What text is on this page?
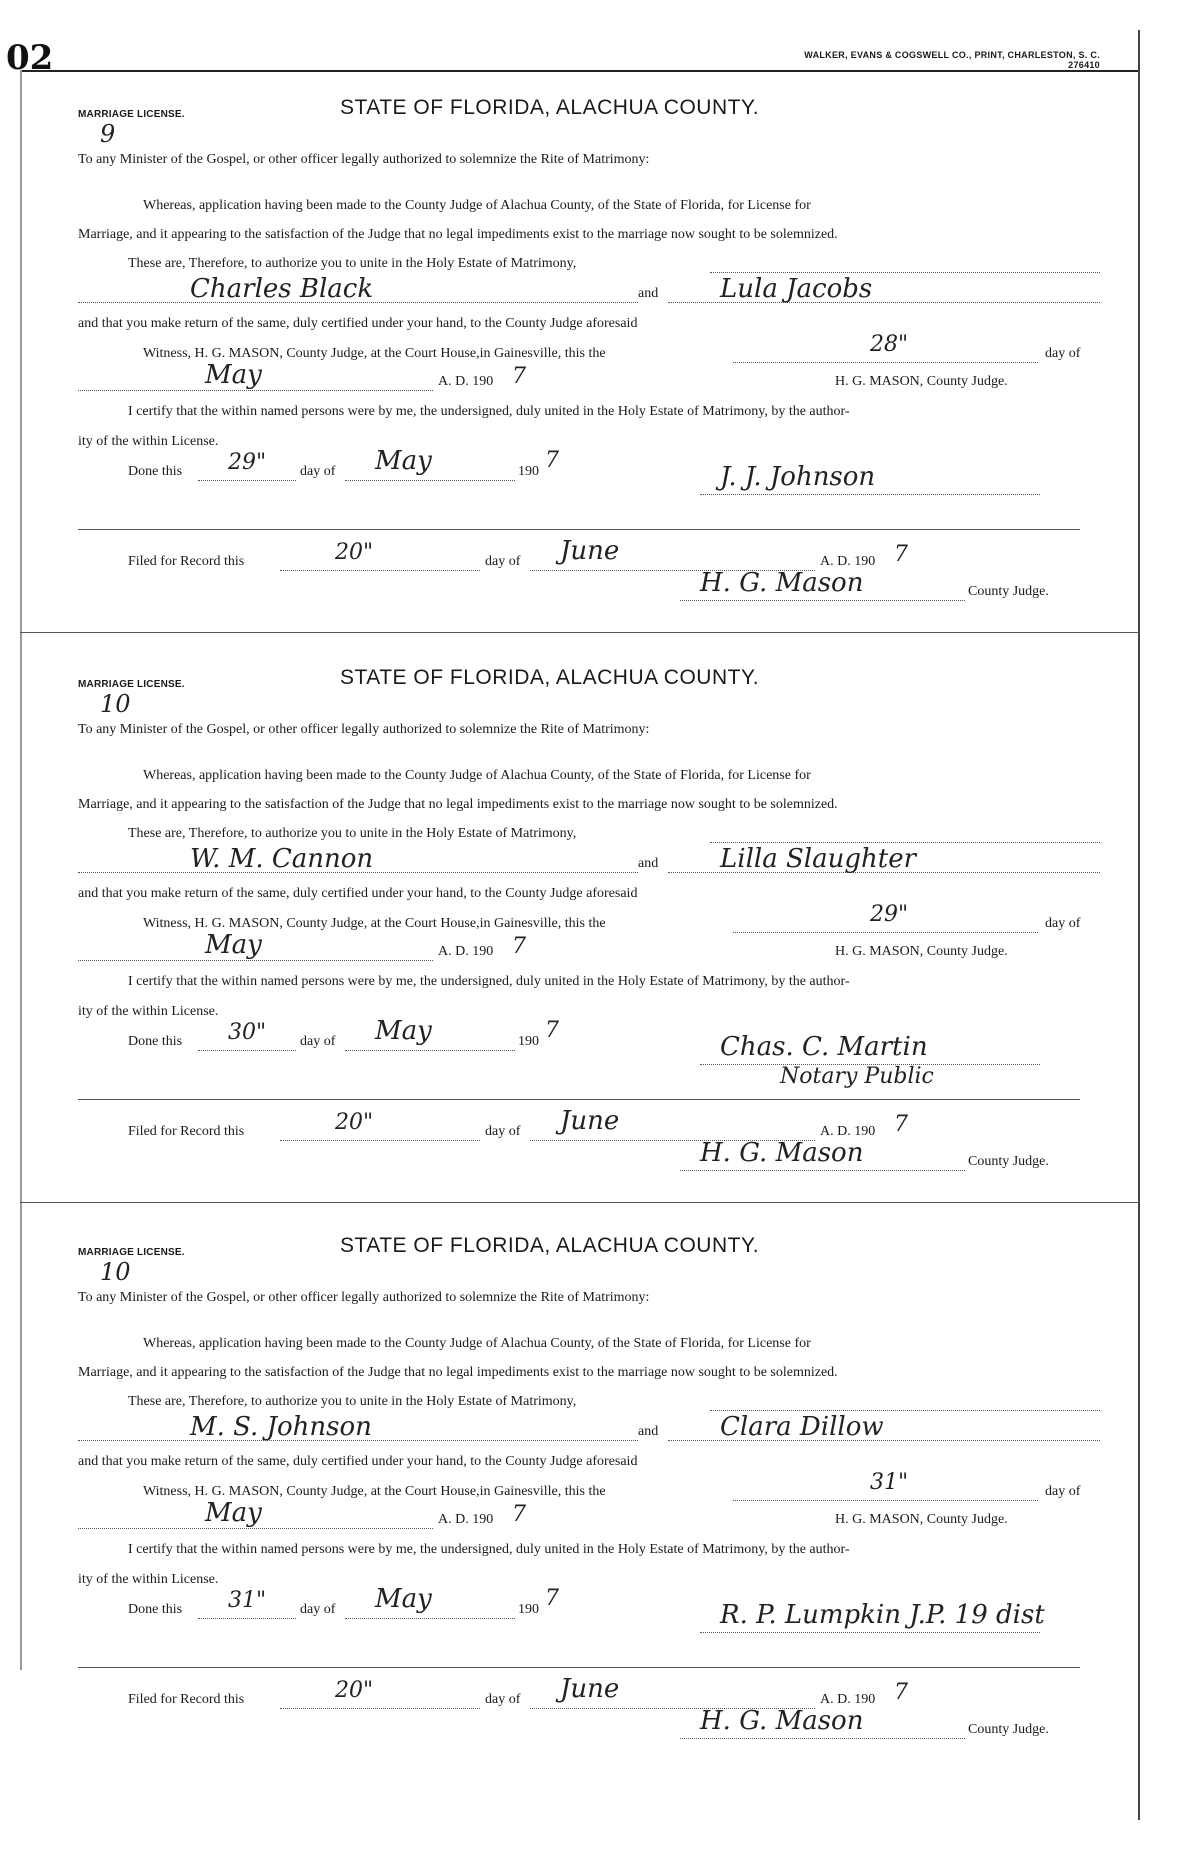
02	WALKER, EVANS & COGSWELL CO., PRINT, CHARLESTON, S. C. 276410
MARRIAGE LICENSE.	STATE OF FLORIDA, ALACHUA COUNTY.
9
To any Minister of the Gospel, or other officer legally authorized to solemnize the Rite of Matrimony:
Whereas, application having been made to the County Judge of Alachua County, of the State of Florida, for License for
Marriage, and it appearing to the satisfaction of the Judge that no legal impediments exist to the marriage now sought to be solemnized.
These are, Therefore, to authorize you to unite in the Holy Estate of Matrimony,
Charles Black	and Lula Jacobs
and that you make return of the same, duly certified under your hand, to the County Judge aforesaid
Witness, H. G. MASON, County Judge, at the Court House,in Gainesville, this the	28"	day of
May	A. D. 190 7	H. G. MASON, County Judge.
I certify that the within named persons were by me, the undersigned, duly united in the Holy Estate of Matrimony, by the author-
ity of the within License.
Done this 29" day of May	190 7
J. J. Johnson
Filed for Record this	20"	day of June	A. D. 190 7
H. G. Mason	County Judge.
MARRIAGE LICENSE.	STATE OF FLORIDA, ALACHUA COUNTY.
10
To any Minister of the Gospel, or other officer legally authorized to solemnize the Rite of Matrimony:
Whereas, application having been made to the County Judge of Alachua County, of the State of Florida, for License for
Marriage, and it appearing to the satisfaction of the Judge that no legal impediments exist to the marriage now sought to be solemnized.
These are, Therefore, to authorize you to unite in the Holy Estate of Matrimony,
W. M. Cannon	and Lilla Slaughter
and that you make return of the same, duly certified under your hand, to the County Judge aforesaid
Witness, H. G. MASON, County Judge, at the Court House,in Gainesville, this the	29"	day of
May	A. D. 190 7	H. G. MASON, County Judge.
I certify that the within named persons were by me, the undersigned, duly united in the Holy Estate of Matrimony, by the author-
ity of the within License.
Done this 30" day of May	190 7
Chas. C. Martin
Notary Public
Filed for Record this	20"	day of June	A. D. 190 7
H. G. Mason	County Judge.
MARRIAGE LICENSE.	STATE OF FLORIDA, ALACHUA COUNTY.
10
To any Minister of the Gospel, or other officer legally authorized to solemnize the Rite of Matrimony:
Whereas, application having been made to the County Judge of Alachua County, of the State of Florida, for License for
Marriage, and it appearing to the satisfaction of the Judge that no legal impediments exist to the marriage now sought to be solemnized.
These are, Therefore, to authorize you to unite in the Holy Estate of Matrimony,
M. S. Johnson	and Clara Dillow
and that you make return of the same, duly certified under your hand, to the County Judge aforesaid
Witness, H. G. MASON, County Judge, at the Court House,in Gainesville, this the	31"	day of
May	A. D. 190 7	H. G. MASON, County Judge.
I certify that the within named persons were by me, the undersigned, duly united in the Holy Estate of Matrimony, by the author-
ity of the within License.
Done this 31" day of May	190 7
R. P. Lumpkin J.P. 19 dist
Filed for Record this	20"	day of June	A. D. 190 7
H. G. Mason	County Judge.
